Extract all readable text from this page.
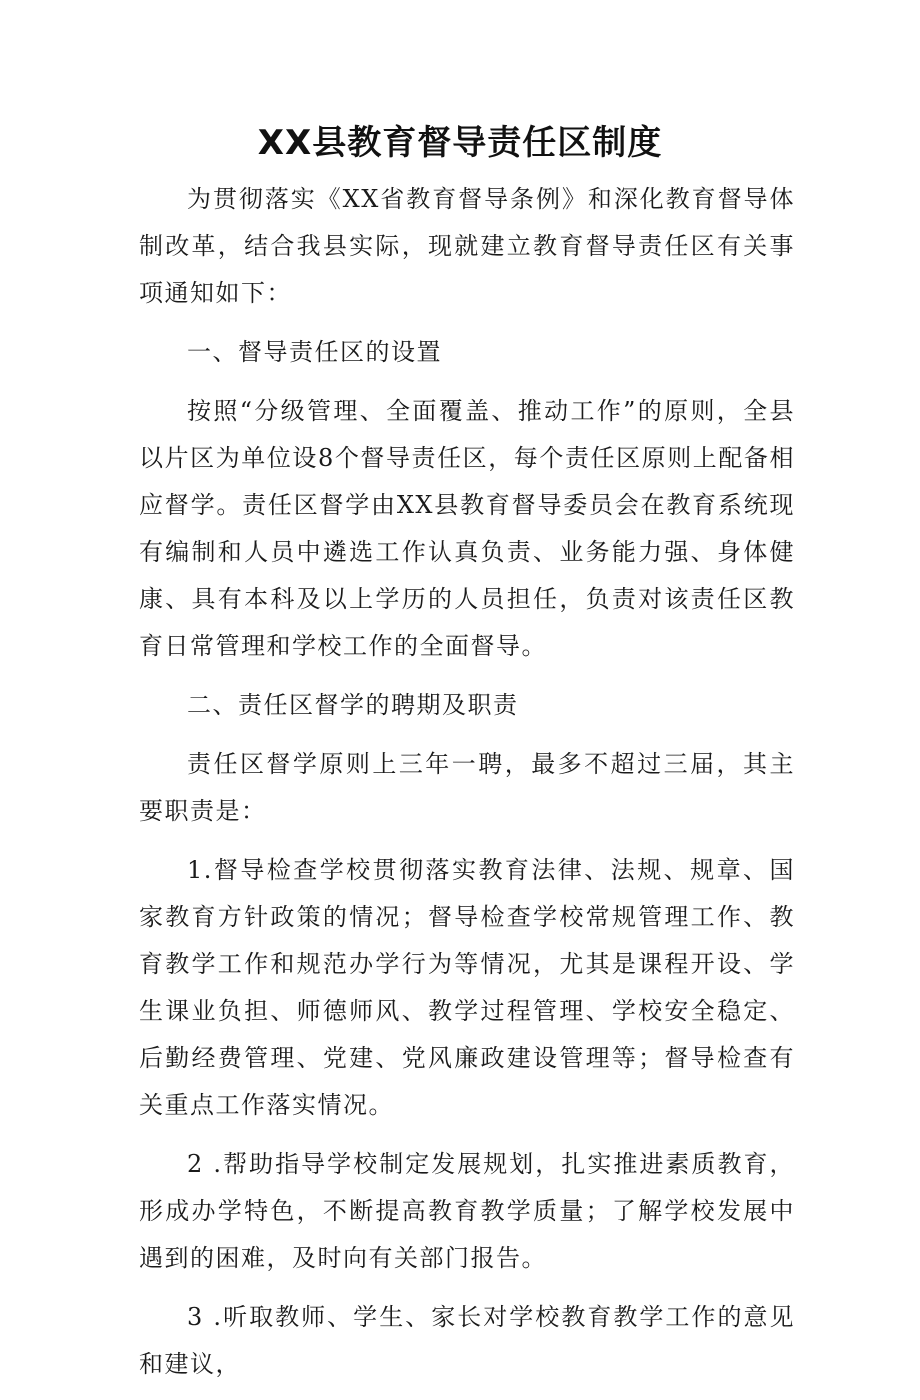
XX县教育督导责任区制度

为贯彻落实《XX省教育督导条例》和深化教育督导体制改革，结合我县实际，现就建立教育督导责任区有关事项通知如下：

一、督导责任区的设置

按照“分级管理、全面覆盖、推动工作”的原则，全县以片区为单位设8个督导责任区，每个责任区原则上配备相应督学。责任区督学由XX县教育督导委员会在教育系统现有编制和人员中遴选工作认真负责、业务能力强、身体健康、具有本科及以上学历的人员担任，负责对该责任区教育日常管理和学校工作的全面督导。

二、责任区督学的聘期及职责

责任区督学原则上三年一聘，最多不超过三届，其主要职责是：

1.督导检查学校贯彻落实教育法律、法规、规章、国家教育方针政策的情况；督导检查学校常规管理工作、教育教学工作和规范办学行为等情况，尤其是课程开设、学生课业负担、师德师风、教学过程管理、学校安全稳定、后勤经费管理、党建、党风廉政建设管理等；督导检查有关重点工作落实情况。

2 .帮助指导学校制定发展规划，扎实推进素质教育，形成办学特色，不断提高教育教学质量；了解学校发展中遇到的困难，及时向有关部门报告。

3 .听取教师、学生、家长对学校教育教学工作的意见和建议，
